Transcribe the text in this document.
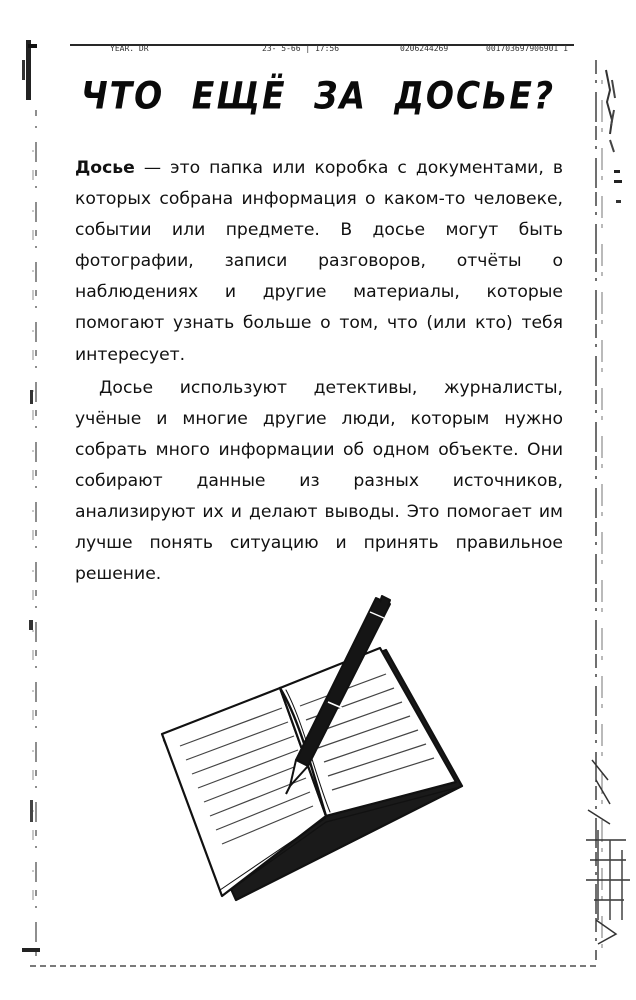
YEAR. DR	23- 5-66 | 17:56	0206244269	001703697906901 1
ЧТО ЕЩЁ ЗА ДОСЬЕ?

Досье — это папка или коробка с документами, в которых собрана информация о каком-то человеке, событии или предмете. В досье могут быть фотографии, записи разговоров, отчёты о наблюдениях и другие материалы, которые помогают узнать больше о том, что (или кто) тебя интересует.

Досье используют детективы, журналисты, учёные и многие другие люди, которым нужно собрать много информации об одном объекте. Они собирают данные из разных источников, анализируют их и делают выводы. Это помогает им лучше понять ситуацию и принять правильное решение.
